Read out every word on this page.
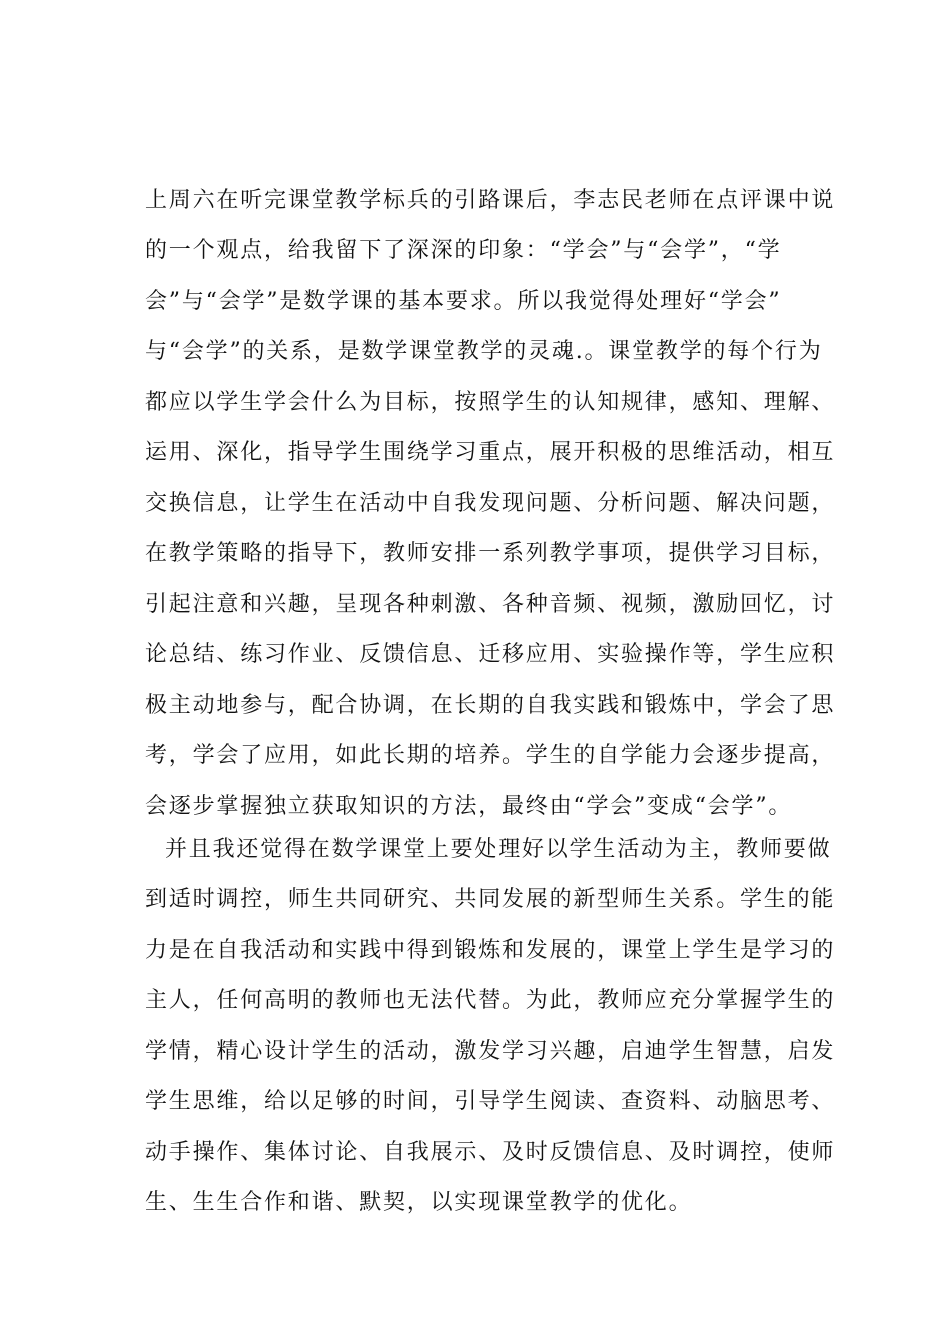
上周六在听完课堂教学标兵的引路课后，李志民老师在点评课中说
的一个观点，给我留下了深深的印象：“学会”与“会学”，“学
会”与“会学”是数学课的基本要求。所以我觉得处理好“学会”
与“会学”的关系，是数学课堂教学的灵魂.。课堂教学的每个行为
都应以学生学会什么为目标，按照学生的认知规律，感知、理解、
运用、深化，指导学生围绕学习重点，展开积极的思维活动，相互
交换信息，让学生在活动中自我发现问题、分析问题、解决问题，
在教学策略的指导下，教师安排一系列教学事项，提供学习目标，
引起注意和兴趣，呈现各种刺激、各种音频、视频，激励回忆，讨
论总结、练习作业、反馈信息、迁移应用、实验操作等，学生应积
极主动地参与，配合协调，在长期的自我实践和锻炼中，学会了思
考，学会了应用，如此长期的培养。学生的自学能力会逐步提高，
会逐步掌握独立获取知识的方法，最终由“学会”变成“会学”。
并且我还觉得在数学课堂上要处理好以学生活动为主，教师要做
到适时调控，师生共同研究、共同发展的新型师生关系。学生的能
力是在自我活动和实践中得到锻炼和发展的，课堂上学生是学习的
主人，任何高明的教师也无法代替。为此，教师应充分掌握学生的
学情，精心设计学生的活动，激发学习兴趣，启迪学生智慧，启发
学生思维，给以足够的时间，引导学生阅读、查资料、动脑思考、
动手操作、集体讨论、自我展示、及时反馈信息、及时调控，使师
生、生生合作和谐、默契，以实现课堂教学的优化。
